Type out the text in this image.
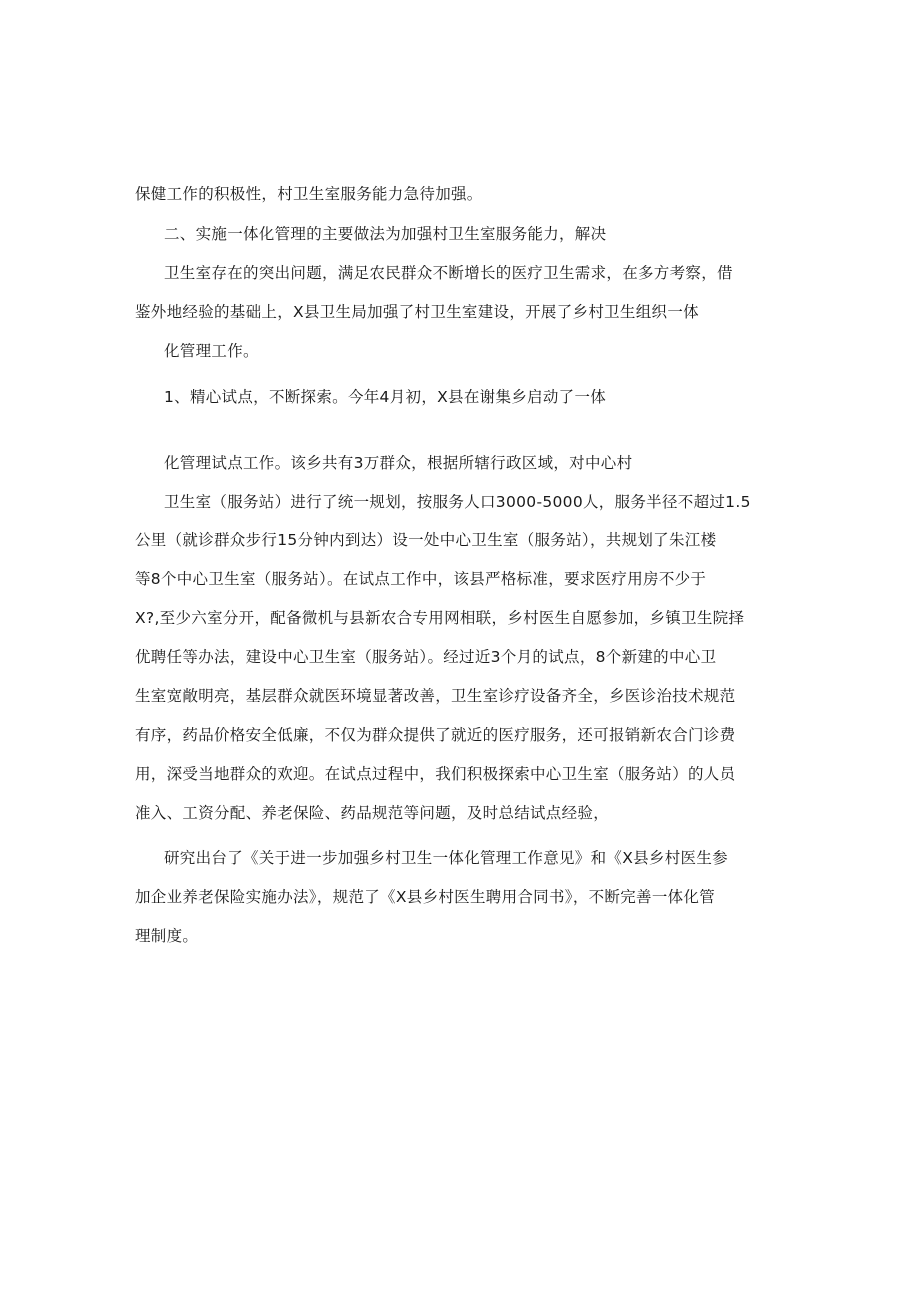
保健工作的积极性，村卫生室服务能力急待加强。
二、实施一体化管理的主要做法为加强村卫生室服务能力，解决
卫生室存在的突出问题，满足农民群众不断增长的医疗卫生需求，在多方考察，借
鉴外地经验的基础上，X县卫生局加强了村卫生室建设，开展了乡村卫生组织一体
化管理工作。
1、精心试点，不断探索。今年4月初，X县在谢集乡启动了一体
化管理试点工作。该乡共有3万群众，根据所辖行政区域，对中心村
卫生室（服务站）进行了统一规划，按服务人口3000-5000人，服务半径不超过1.5
公里（就诊群众步行15分钟内到达）设一处中心卫生室（服务站），共规划了朱江楼
等8个中心卫生室（服务站）。在试点工作中，该县严格标准，要求医疗用房不少于
X?,至少六室分开，配备微机与县新农合专用网相联，乡村医生自愿参加，乡镇卫生院择
优聘任等办法，建设中心卫生室（服务站）。经过近3个月的试点，8个新建的中心卫
生室宽敞明亮，基层群众就医环境显著改善，卫生室诊疗设备齐全，乡医诊治技术规范
有序，药品价格安全低廉，不仅为群众提供了就近的医疗服务，还可报销新农合门诊费
用，深受当地群众的欢迎。在试点过程中，我们积极探索中心卫生室（服务站）的人员
准入、工资分配、养老保险、药品规范等问题，及时总结试点经验，
研究出台了《关于进一步加强乡村卫生一体化管理工作意见》和《X县乡村医生参
加企业养老保险实施办法》，规范了《X县乡村医生聘用合同书》，不断完善一体化管
理制度。
